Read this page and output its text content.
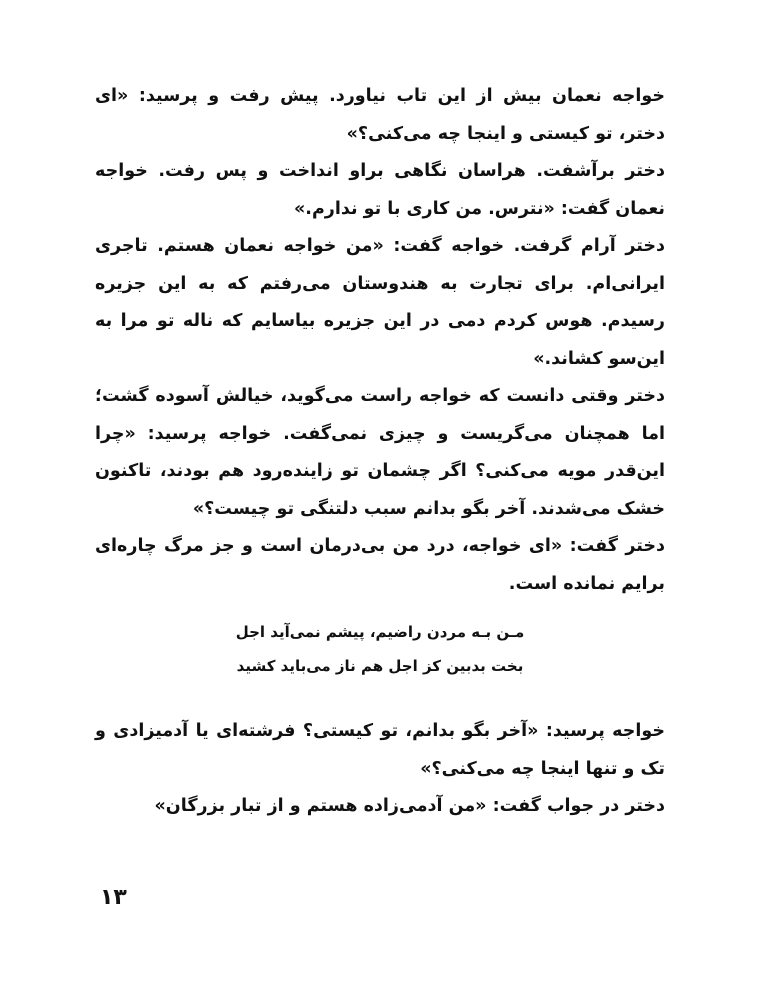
خواجه نعمان بیش از این تاب نیاورد. پیش رفت و پرسید: «ای دختر، تو کیستی و اینجا چه می‌کنی؟»

دختر برآشفت. هراسان نگاهی براو انداخت و پس رفت. خواجه نعمان گفت: «نترس. من کاری با تو ندارم.»

دختر آرام گرفت. خواجه گفت: «من خواجه نعمان هستم. تاجری ایرانی‌ام. برای تجارت به هندوستان می‌رفتم که به این جزیره رسیدم. هوس کردم دمی در این جزیره بیاسایم که ناله تو مرا به این‌سو کشاند.»

دختر وقتی دانست که خواجه راست می‌گوید، خیالش آسوده گشت؛ اما همچنان می‌گریست و چیزی نمی‌گفت. خواجه پرسید: «چرا این‌قدر مویه می‌کنی؟ اگر چشمان تو زاینده‌رود هم بودند، تاکنون خشک می‌شدند. آخر بگو بدانم سبب دلتنگی تو چیست؟»

دختر گفت: «ای خواجه، درد من بی‌درمان است و جز مرگ چاره‌ای برایم نمانده است.

مـن بـه مردن راضیم، پیشم نمی‌آید اجل
بخت بدبین کز اجل هم ناز می‌باید کشید

خواجه پرسید: «آخر بگو بدانم، تو کیستی؟ فرشته‌ای یا آدمیزادی و تک و تنها اینجا چه می‌کنی؟»

دختر در جواب گفت: «من آدمی‌زاده هستم و از تبار بزرگان»

۱۳
